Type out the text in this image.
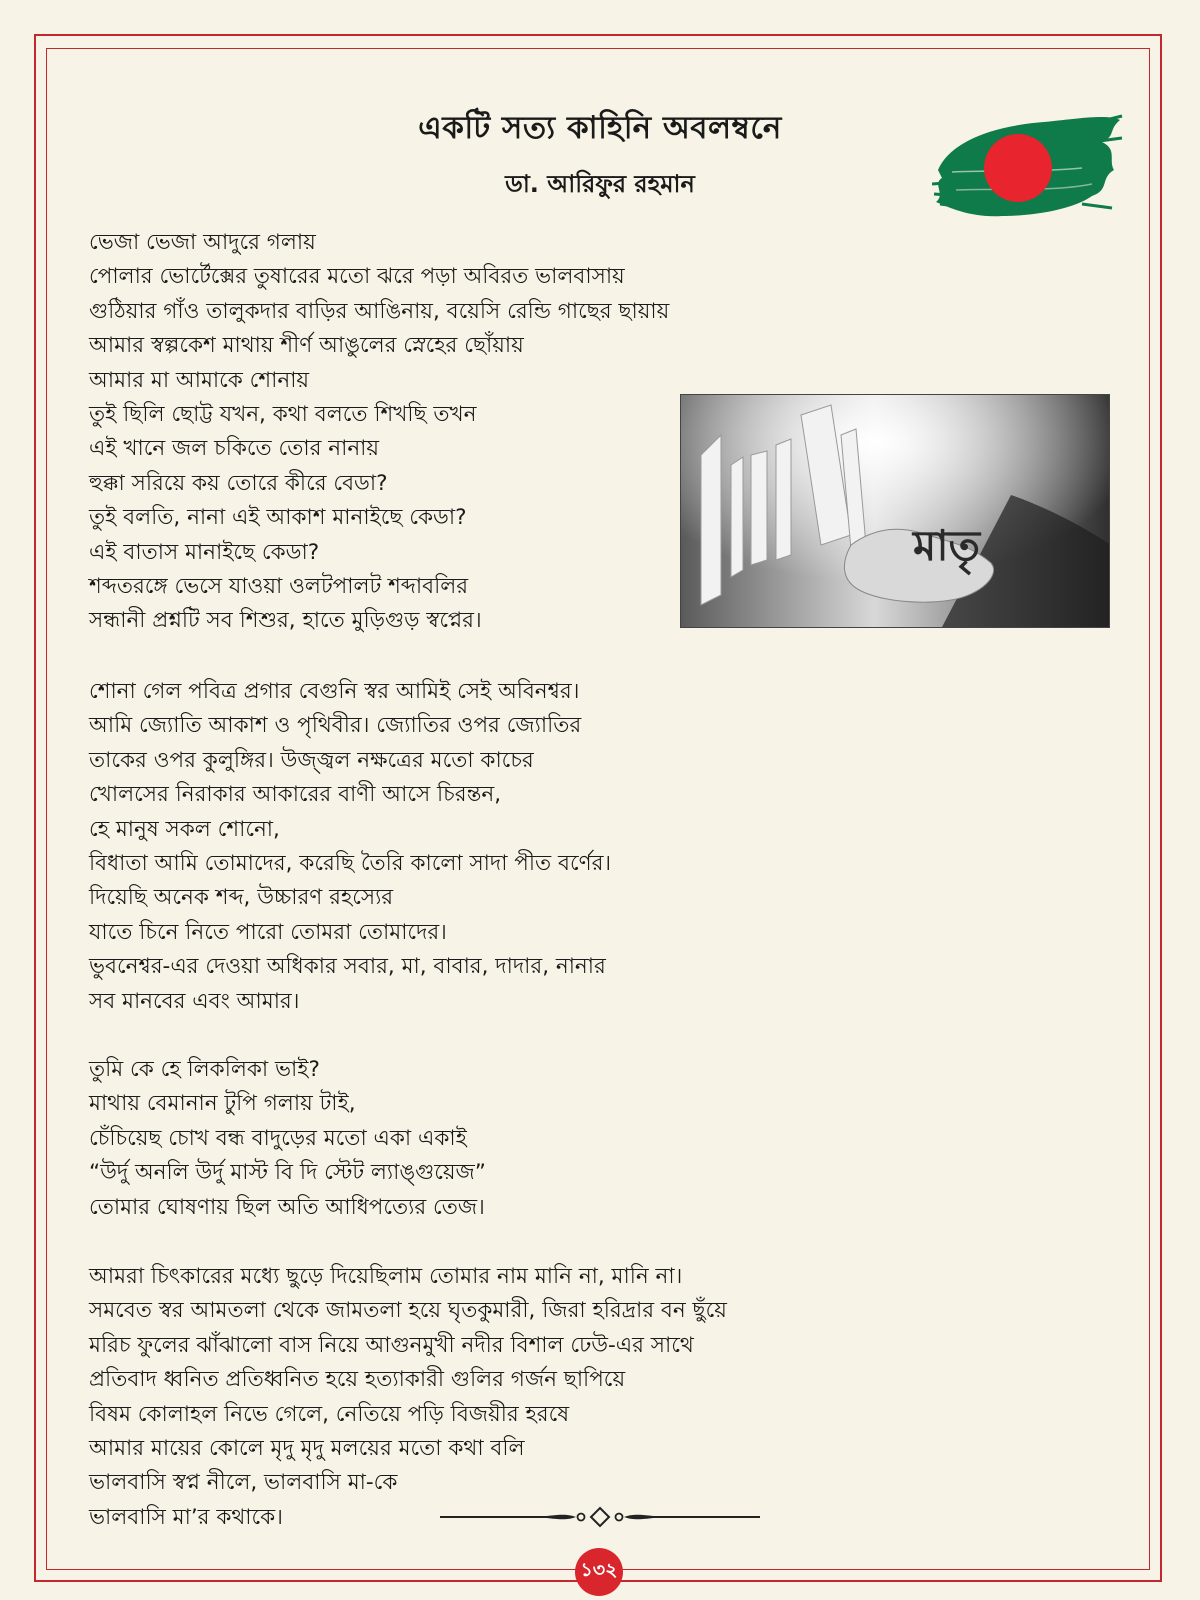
একটি সত্য কাহিনি অবলম্বনে
ডা. আরিফুর রহমান
মাতৃ
ভেজা ভেজা আদুরে গলায়
পোলার ভোর্টেক্সের তুষারের মতো ঝরে পড়া অবিরত ভালবাসায়
গুঠিয়ার গাঁও তালুকদার বাড়ির আঙিনায়, বয়েসি রেন্ডি গাছের ছায়ায়
আমার স্বল্পকেশ মাথায় শীর্ণ আঙুলের স্নেহের ছোঁয়ায়
আমার মা আমাকে শোনায়
তুই ছিলি ছোট্ট যখন, কথা বলতে শিখছি তখন
এই খানে জল চকিতে তোর নানায়
হুক্কা সরিয়ে কয় তোরে কীরে বেডা?
তুই বলতি, নানা এই আকাশ মানাইছে কেডা?
এই বাতাস মানাইছে কেডা?
শব্দতরঙ্গে ভেসে যাওয়া ওলটপালট শব্দাবলির
সন্ধানী প্রশ্নটি সব শিশুর, হাতে মুড়িগুড় স্বপ্নের।
শোনা গেল পবিত্র প্রগার বেগুনি স্বর আমিই সেই অবিনশ্বর।
আমি জ্যোতি আকাশ ও পৃথিবীর। জ্যোতির ওপর জ্যোতির
তাকের ওপর কুলুঙ্গির। উজ্জ্বল নক্ষত্রের মতো কাচের
খোলসের নিরাকার আকারের বাণী আসে চিরন্তন,
হে মানুষ সকল শোনো,
বিধাতা আমি তোমাদের, করেছি তৈরি কালো সাদা পীত বর্ণের।
দিয়েছি অনেক শব্দ, উচ্চারণ রহস্যের
যাতে চিনে নিতে পারো তোমরা তোমাদের।
ভুবনেশ্বর-এর দেওয়া অধিকার সবার, মা, বাবার, দাদার, নানার
সব মানবের এবং আমার।
তুমি কে হে লিকলিকা ভাই?
মাথায় বেমানান টুপি গলায় টাই,
চেঁচিয়েছ চোখ বন্ধ বাদুড়ের মতো একা একাই
“উর্দু অনলি উর্দু মাস্ট বি দি স্টেট ল্যাঙ্গুয়েজ”
তোমার ঘোষণায় ছিল অতি আধিপত্যের তেজ।
আমরা চিৎকারের মধ্যে ছুড়ে দিয়েছিলাম তোমার নাম মানি না, মানি না।
সমবেত স্বর আমতলা থেকে জামতলা হয়ে ঘৃতকুমারী, জিরা হরিদ্রার বন ছুঁয়ে
মরিচ ফুলের ঝাঁঝালো বাস নিয়ে আগুনমুখী নদীর বিশাল ঢেউ-এর সাথে
প্রতিবাদ ধ্বনিত প্রতিধ্বনিত হয়ে হত্যাকারী গুলির গর্জন ছাপিয়ে
বিষম কোলাহল নিভে গেলে, নেতিয়ে পড়ি বিজয়ীর হরষে
আমার মায়ের কোলে মৃদু মৃদু মলয়ের মতো কথা বলি
ভালবাসি স্বপ্ন নীলে, ভালবাসি মা-কে
ভালবাসি মা’র কথাকে।
১৩২
